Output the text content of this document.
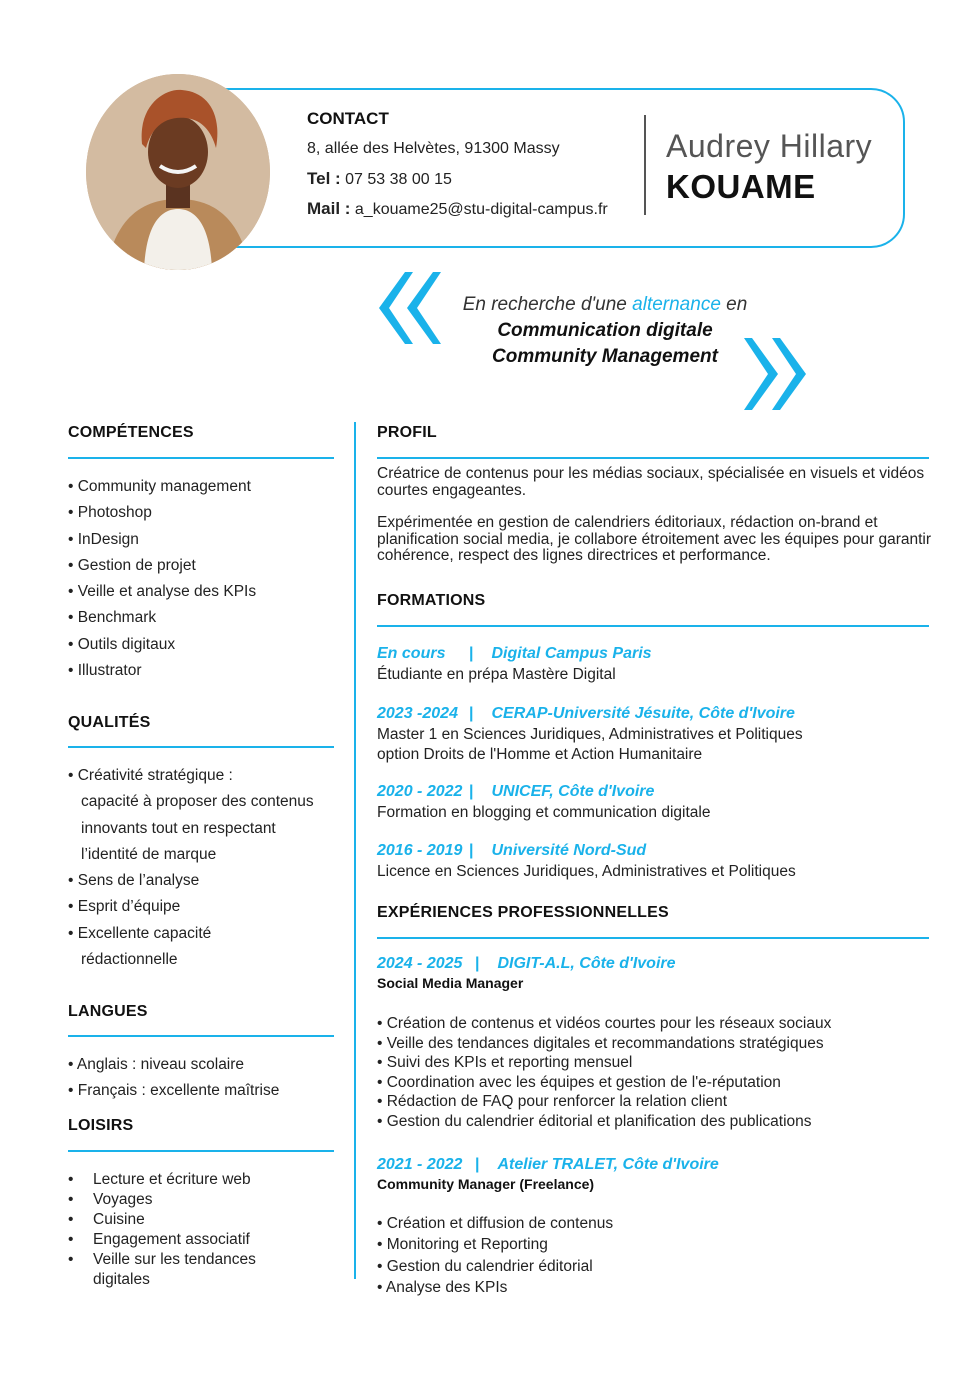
CONTACT
8, allée des Helvètes, 91300 Massy
Tel : 07 53 38 00 15
Mail : a_kouame25@stu-digital-campus.fr
Audrey Hillary
KOUAME
En recherche d'une alternance en
Communication digitale
Community Management
COMPÉTENCES
• Community management
• Photoshop
• InDesign
• Gestion de projet
• Veille et analyse des KPIs
• Benchmark
• Outils digitaux
• Illustrator
QUALITÉS
• Créativité stratégique :
capacité à proposer des contenus
innovants tout en respectant
l’identité de marque
• Sens de l’analyse
• Esprit d’équipe
• Excellente capacité
rédactionnelle
LANGUES
• Anglais : niveau scolaire
• Français : excellente maîtrise
LOISIRS
• Lecture et écriture web
• Voyages
• Cuisine
• Engagement associatif
• Veille sur les tendances
digitales
PROFIL
Créatrice de contenus pour les médias sociaux, spécialisée en visuels et vidéos courtes engageantes.
Expérimentée en gestion de calendriers éditoriaux, rédaction on-brand et planification social media, je collabore étroitement avec les équipes pour garantir cohérence, respect des lignes directrices et performance.
FORMATIONS
En cours | Digital Campus Paris
Étudiante en prépa Mastère Digital
2023 -2024 | CERAP-Université Jésuite, Côte d'Ivoire
Master 1 en Sciences Juridiques, Administratives et Politiques
option Droits de l'Homme et Action Humanitaire
2020 - 2022 | UNICEF, Côte d'Ivoire
Formation en blogging et communication digitale
2016 - 2019 | Université Nord-Sud
Licence en Sciences Juridiques, Administratives et Politiques
EXPÉRIENCES PROFESSIONNELLES
2024 - 2025 | DIGIT-A.L, Côte d'Ivoire
Social Media Manager
• Création de contenus et vidéos courtes pour les réseaux sociaux
• Veille des tendances digitales et recommandations stratégiques
• Suivi des KPIs et reporting mensuel
• Coordination avec les équipes et gestion de l'e-réputation
• Rédaction de FAQ pour renforcer la relation client
• Gestion du calendrier éditorial et planification des publications
2021 - 2022 | Atelier TRALET, Côte d'Ivoire
Community Manager (Freelance)
• Création et diffusion de contenus
• Monitoring et Reporting
• Gestion du calendrier éditorial
• Analyse des KPIs
